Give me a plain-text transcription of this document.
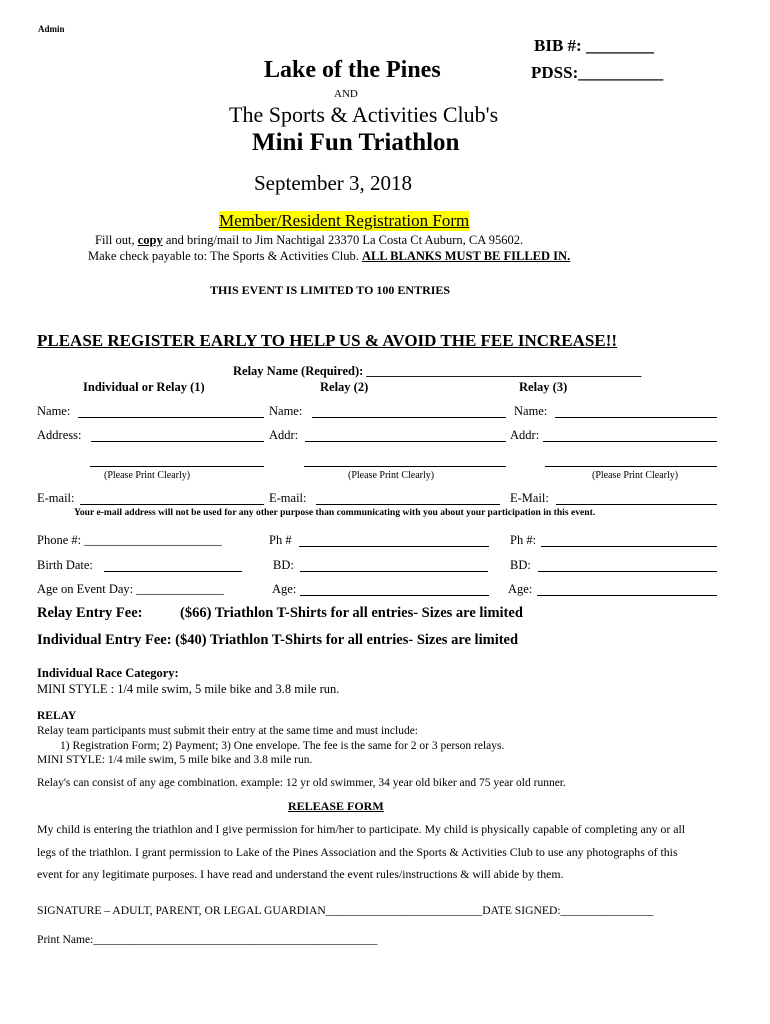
Admin
BIB #: ________
PDSS:__________
Lake of the Pines
AND
The Sports & Activities Club's
Mini Fun Triathlon
September 3, 2018
Member/Resident Registration Form
Fill out, copy and bring/mail to Jim Nachtigal 23370 La Costa Ct Auburn, CA 95602.
Make check payable to: The Sports & Activities Club. ALL BLANKS MUST BE FILLED IN.
THIS EVENT IS LIMITED TO 100 ENTRIES
PLEASE REGISTER EARLY TO HELP US & AVOID THE FEE INCREASE!!
Relay Name (Required): ____________________________________________
Individual or Relay (1)	Relay (2)	Relay (3)
Name:	Name:	Name:
Address:	Addr:	Addr:
(Please Print Clearly)	(Please Print Clearly)	(Please Print Clearly)
E-mail:	E-mail:	E-Mail:
Your e-mail address will not be used for any other purpose than communicating with you about your participation in this event.
Phone #: ______________________	Ph #	Ph #:
Birth Date:	BD:	BD:
Age on Event Day: ______________	Age:	Age:
Relay Entry Fee:	($66) Triathlon T-Shirts for all entries- Sizes are limited
Individual Entry Fee: ($40) Triathlon T-Shirts for all entries- Sizes are limited
Individual Race Category:
MINI STYLE : 1/4 mile swim, 5 mile bike and 3.8 mile run.
RELAY
Relay team participants must submit their entry at the same time and must include:
1) Registration Form; 2) Payment; 3) One envelope. The fee is the same for 2 or 3 person relays.
MINI STYLE: 1/4 mile swim, 5 mile bike and 3.8 mile run.
Relay's can consist of any age combination. example: 12 yr old swimmer, 34 year old biker and 75 year old runner.
RELEASE FORM
My child is entering the triathlon and I give permission for him/her to participate. My child is physically capable of completing any or all
legs of the triathlon. I grant permission to Lake of the Pines Association and the Sports & Activities Club to use any photographs of this
event for any legitimate purposes. I have read and understand the event rules/instructions & will abide by them.
SIGNATURE – ADULT, PARENT, OR LEGAL GUARDIAN___________________________DATE SIGNED:________________
Print Name:_________________________________________________
